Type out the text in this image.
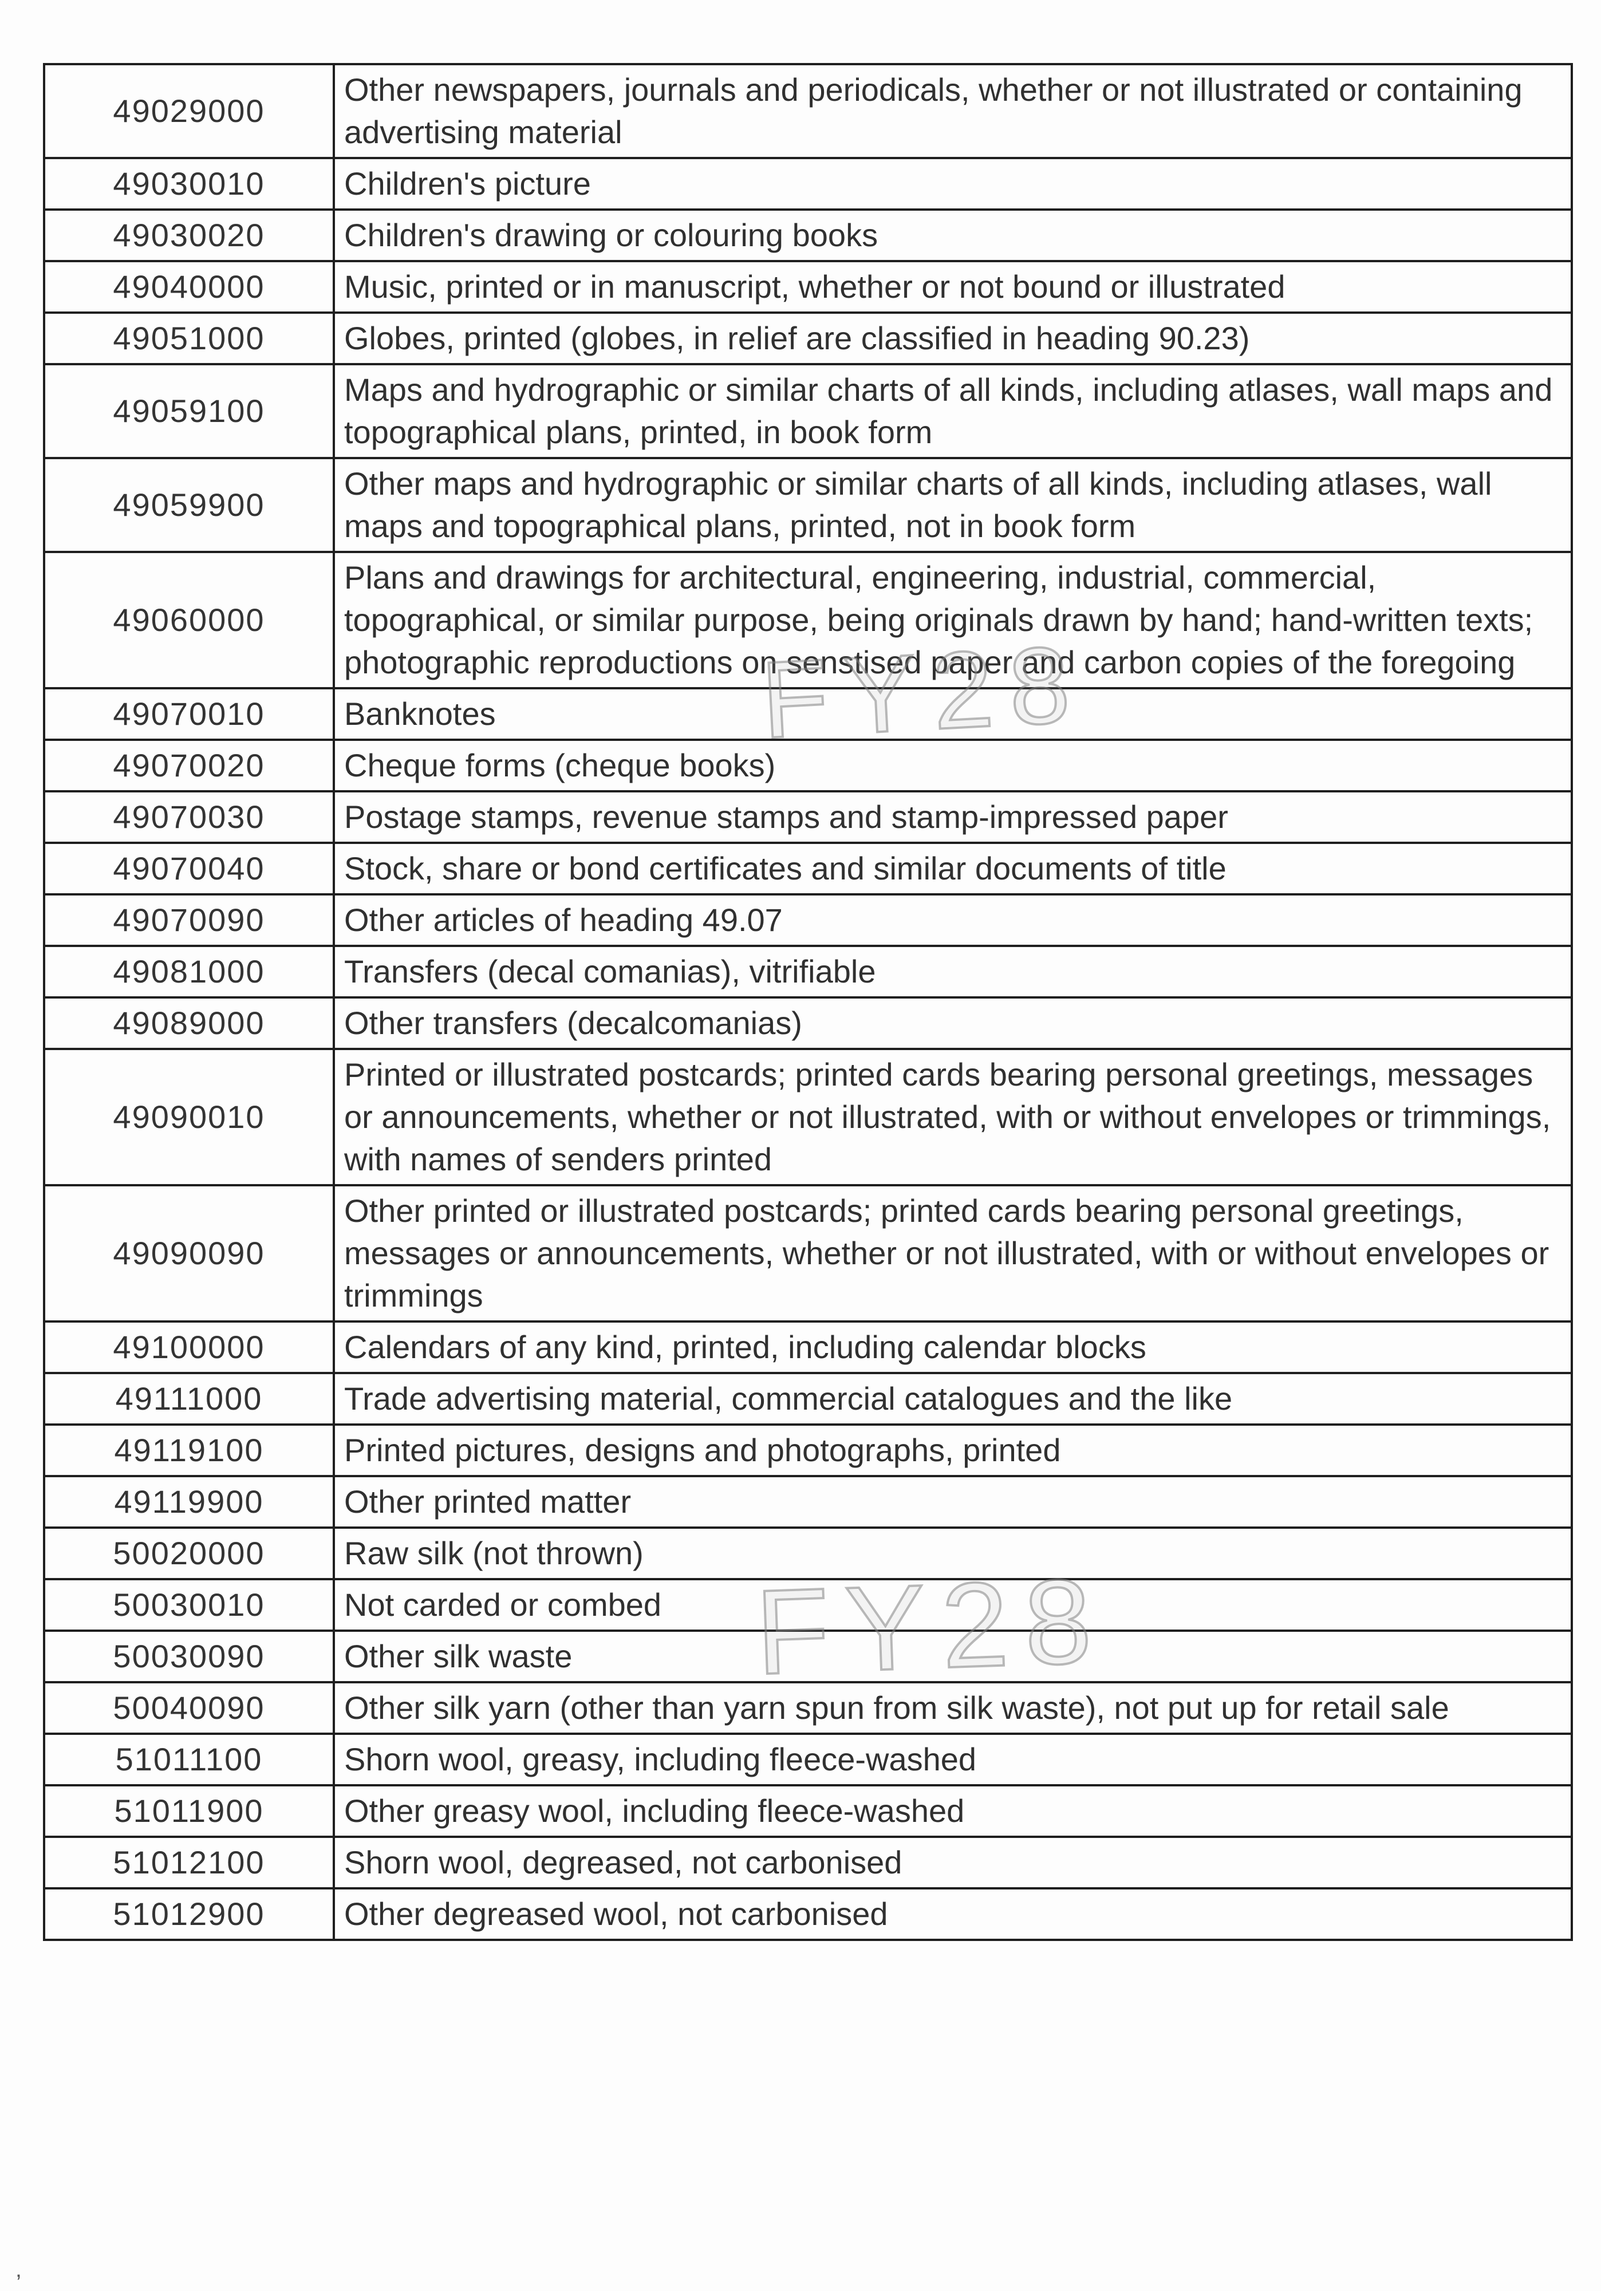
FY28
FY28
49029000	Other newspapers, journals and periodicals, whether or not illustrated or containing advertising material
49030010	Children's picture
49030020	Children's drawing or colouring books
49040000	Music, printed or in manuscript, whether or not bound or illustrated
49051000	Globes, printed (globes, in relief are classified in heading 90.23)
49059100	Maps and hydrographic or similar charts of all kinds, including atlases, wall maps and topographical plans, printed, in book form
49059900	Other maps and hydrographic or similar charts of all kinds, including atlases, wall maps and topographical plans, printed, not in book form
49060000	Plans and drawings for architectural, engineering, industrial, commercial, topographical, or similar purpose, being originals drawn by hand; hand-written texts; photographic reproductions on senstised paper and carbon copies of the foregoing
49070010	Banknotes
49070020	Cheque forms (cheque books)
49070030	Postage stamps, revenue stamps and stamp-impressed paper
49070040	Stock, share or bond certificates and similar documents of title
49070090	Other articles of heading 49.07
49081000	Transfers (decal comanias), vitrifiable
49089000	Other transfers (decalcomanias)
49090010	Printed or illustrated postcards; printed cards bearing personal greetings, messages or announcements, whether or not illustrated, with or without envelopes or trimmings, with names of senders printed
49090090	Other printed or illustrated postcards; printed cards bearing personal greetings, messages or announcements, whether or not illustrated, with or without envelopes or trimmings
49100000	Calendars of any kind, printed, including calendar blocks
49111000	Trade advertising material, commercial catalogues and the like
49119100	Printed pictures, designs and photographs, printed
49119900	Other printed matter
50020000	Raw silk (not thrown)
50030010	Not carded or combed
50030090	Other silk waste
50040090	Other silk yarn (other than yarn spun from silk waste), not put up for retail sale
51011100	Shorn wool, greasy, including fleece-washed
51011900	Other greasy wool, including fleece-washed
51012100	Shorn wool, degreased, not carbonised
51012900	Other degreased wool, not carbonised
’
